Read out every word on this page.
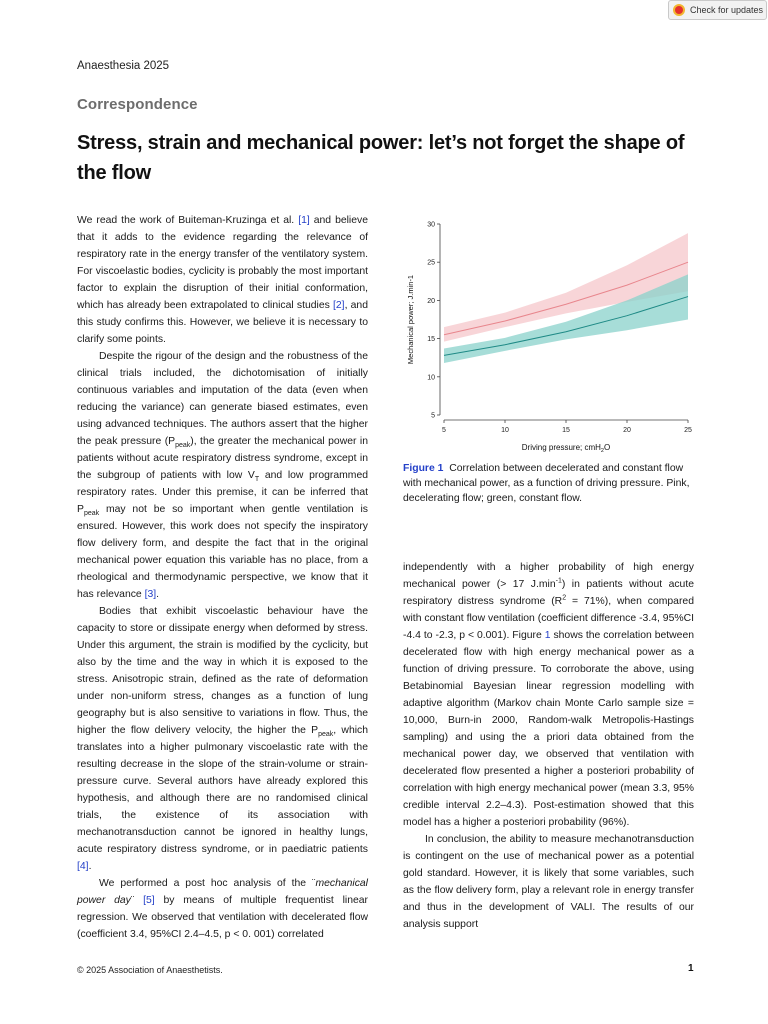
Check for updates
Anaesthesia 2025
Correspondence
Stress, strain and mechanical power: let’s not forget the shape of the flow

We read the work of Buiteman-Kruzinga et al. [1] and believe that it adds to the evidence regarding the relevance of respiratory rate in the energy transfer of the ventilatory system. For viscoelastic bodies, cyclicity is probably the most important factor to explain the disruption of their initial conformation, which has already been extrapolated to clinical studies [2], and this study confirms this. However, we believe it is necessary to clarify some points.

Despite the rigour of the design and the robustness of the clinical trials included, the dichotomisation of initially continuous variables and imputation of the data (even when reducing the variance) can generate biased estimates, even using advanced techniques. The authors assert that the higher the peak pressure $(P_{peak})$, the greater the mechanical power in patients without acute respiratory distress syndrome, except in the subgroup of patients with low $V_T$ and low programmed respiratory rates. Under this premise, it can be inferred that $P_{peak}$ may not be so important when gentle ventilation is ensured. However, this work does not specify the inspiratory flow delivery form, and despite the fact that in the original mechanical power equation this variable has no place, from a rheological and thermodynamic perspective, we know that it has relevance [3].

Bodies that exhibit viscoelastic behaviour have the capacity to store or dissipate energy when deformed by stress. Under this argument, the strain is modified by the cyclicity, but also by the time and the way in which it is exposed to the stress. Anisotropic strain, defined as the rate of deformation under non-uniform stress, changes as a function of lung geography but is also sensitive to variations in flow. Thus, the higher the flow delivery velocity, the higher the $P_{peak}$, which translates into a higher pulmonary viscoelastic rate with the resulting decrease in the slope of the strain-volume or strain-pressure curve. Several authors have already explored this hypothesis, and although there are no randomised clinical trials, the existence of its association with mechanotransduction cannot be ignored in healthy lungs, acute respiratory distress syndrome, or in paediatric patients [4].

We performed a post hoc analysis of the ¨mechanical power day¨ [5] by means of multiple frequentist linear regression. We observed that ventilation with decelerated flow (coefficient 3.4, 95%CI 2.4–4.5, p < 0. 001) correlated

5
10
15
20
25
30
5	10	15	20	25
Driving pressure; cmH$_2$O
Mechanical power; J.min-1
Figure 1 Correlation between decelerated and constant flow with mechanical power, as a function of driving pressure. Pink, decelerating flow; green, constant flow.

independently with a higher probability of high energy mechanical power (> 17 $J.\min^{-1}$) in patients without acute respiratory distress syndrome $(R^2 = 71\%)$, when compared with constant flow ventilation (coefficient difference -3.4, 95%CI -4.4 to -2.3, p < 0.001). Figure 1 shows the correlation between decelerated flow with high energy mechanical power as a function of driving pressure. To corroborate the above, using Betabinomial Bayesian linear regression modelling with adaptive algorithm (Markov chain Monte Carlo sample size = 10,000, Burn-in 2000, Random-walk Metropolis-Hastings sampling) and using the a priori data obtained from the mechanical power day, we observed that ventilation with decelerated flow presented a higher a posteriori probability of correlation with high energy mechanical power (mean 3.3, 95% credible interval 2.2–4.3). Post-estimation showed that this model has a higher a posteriori probability (96%).

In conclusion, the ability to measure mechanotransduction is contingent on the use of mechanical power as a potential gold standard. However, it is likely that some variables, such as the flow delivery form, play a relevant role in energy transfer and thus in the development of VALI. The results of our analysis support

© 2025 Association of Anaesthetists.	1
